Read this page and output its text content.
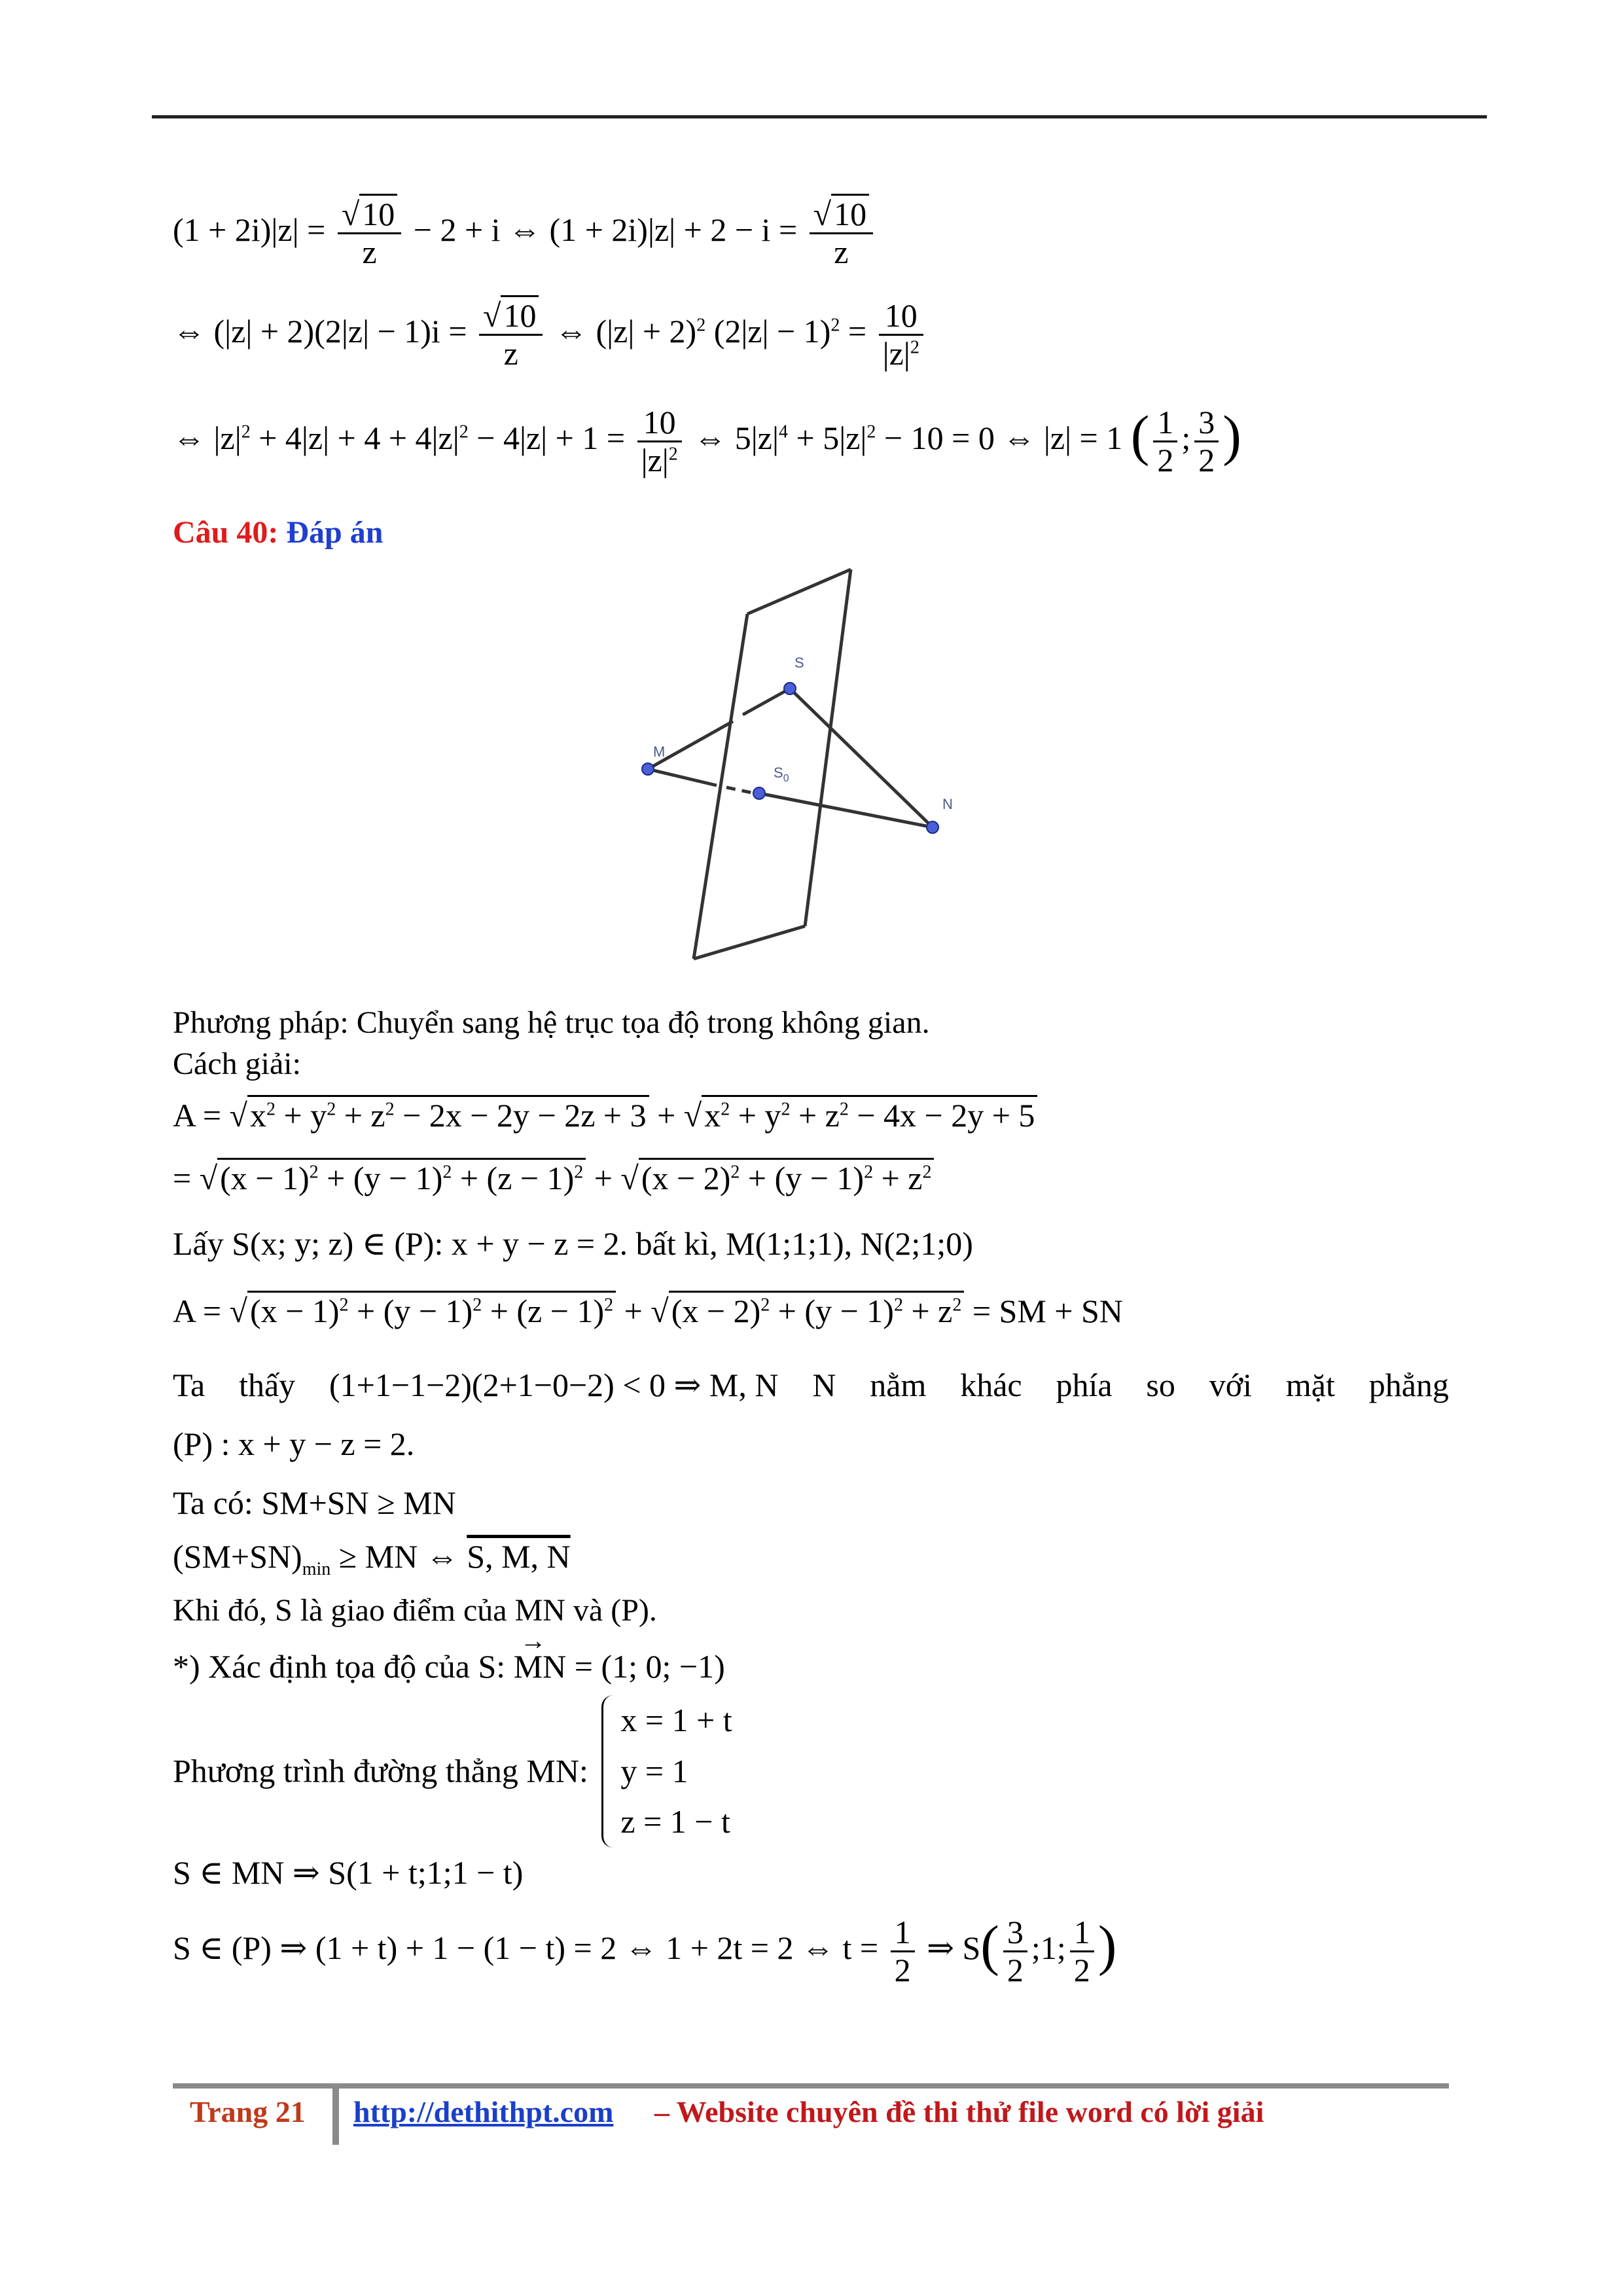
$(1 + 2i)|z| = \frac{√10}{z} - 2 + i$ ⇔ $(1 + 2i)|z| + 2 - i = \frac{√10}{z}$
⇔ $(|z| + 2)(2|z| - 1)i = \frac{√10}{z}$ ⇔ $(|z| + 2)^2$ $(2|z| - 1)^2 = \frac{10}{|z|^2}$
⇔ $|z|^2 + 4|z| + 4 + 4|z|^2 - 4|z| + 1 = \frac{10}{|z|^2}$ ⇔ $5|z|^4 + 5|z|^2 - 10 = 0$ ⇔ |z| = 1 ( $\frac{1}{2}$ ; $\frac{3}{2}$ )
Câu 40: Đáp án
M
S
$S_0$
N
Phương pháp: Chuyển sang hệ trục tọa độ trong không gian.
Cách giải:
$A = √x^2 + y^2 + z^2 - 2x - 2y - 2z + 3 + √x^2 + y^2 + z^2 - 4x - 2y + 5$
= $√(x - 1)^2 + (y - 1)^2 + (z - 1)^2 + √(x - 2)^2 + (y - 1)^2 + z^2$
Lấy S(x; y; z) ∈ (P): x + y − z = 2. bất kì, M(1;1;1), N(2;1;0)
$A = √(x - 1)^2 + (y - 1)^2 + (z - 1)^2 + √(x - 2)^2 + (y - 1)^2 + z^2$ = SM + SN
Ta thấy (1+1−1−2)(2+1−0−2) < 0 ⇒ M, N N nằm khác phía so với mặt phẳng
(P) : x + y − z = 2.
Ta có: SM+SN ≥ MN
$(SM+SN)_{min}$ ≥ MN ⇔ S, M, N
Khi đó, S là giao điểm của MN và (P).
*) Xác định tọa độ của S: → MN = (1; 0; −1)
Phương trình đường thẳng MN:
x = 1 + t
y = 1
z = 1 − t
S ∈ MN ⇒ S(1 + t;1;1 − t)
S ∈ (P) ⇒ (1 + t) + 1 − (1 − t) = 2 ⇔ 1 + 2t = 2 ⇔ $t = \frac{1}{2}$ ⇒ $S( \frac{3}{2}$ ;1; $\frac{1}{2}$ )
Trang 21 http://dethithpt.com – Website chuyên đề thi thử file word có lời giải
